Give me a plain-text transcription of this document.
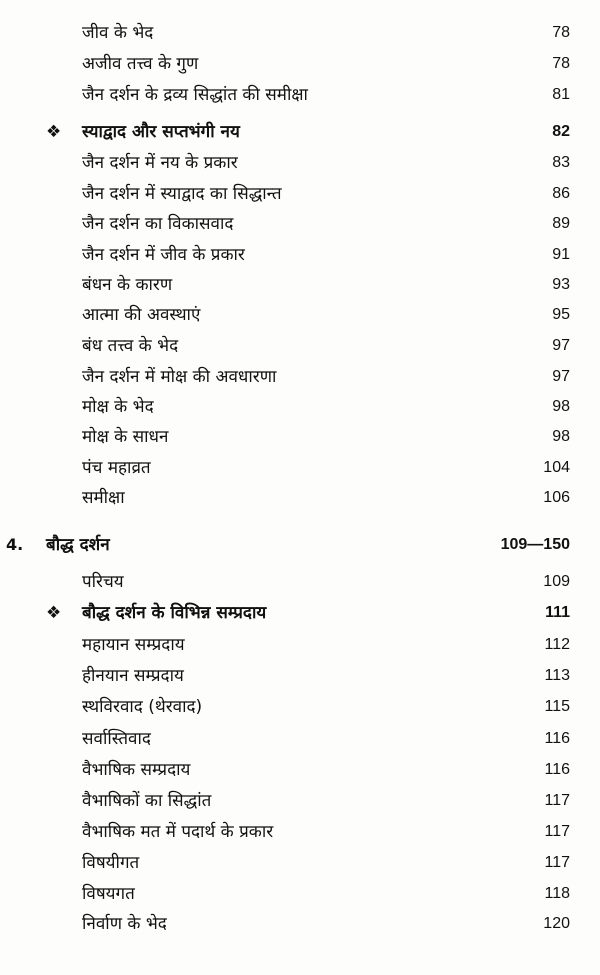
जीव के भेद	78
अजीव तत्त्व के गुण	78
जैन दर्शन के द्रव्य सिद्धांत की समीक्षा	81
❖ स्याद्वाद और सप्तभंगी नय	82
जैन दर्शन में नय के प्रकार	83
जैन दर्शन में स्याद्वाद का सिद्धान्त	86
जैन दर्शन का विकासवाद	89
जैन दर्शन में जीव के प्रकार	91
बंधन के कारण	93
आत्मा की अवस्थाएं	95
बंध तत्त्व के भेद	97
जैन दर्शन में मोक्ष की अवधारणा	97
मोक्ष के भेद	98
मोक्ष के साधन	98
पंच महाव्रत	104
समीक्षा	106
4. बौद्ध दर्शन	109—150
परिचय	109
❖ बौद्ध दर्शन के विभिन्न सम्प्रदाय	111
महायान सम्प्रदाय	112
हीनयान सम्प्रदाय	113
स्थविरवाद (थेरवाद)	115
सर्वास्तिवाद	116
वैभाषिक सम्प्रदाय	116
वैभाषिकों का सिद्धांत	117
वैभाषिक मत में पदार्थ के प्रकार	117
विषयीगत	117
विषयगत	118
निर्वाण के भेद	120
